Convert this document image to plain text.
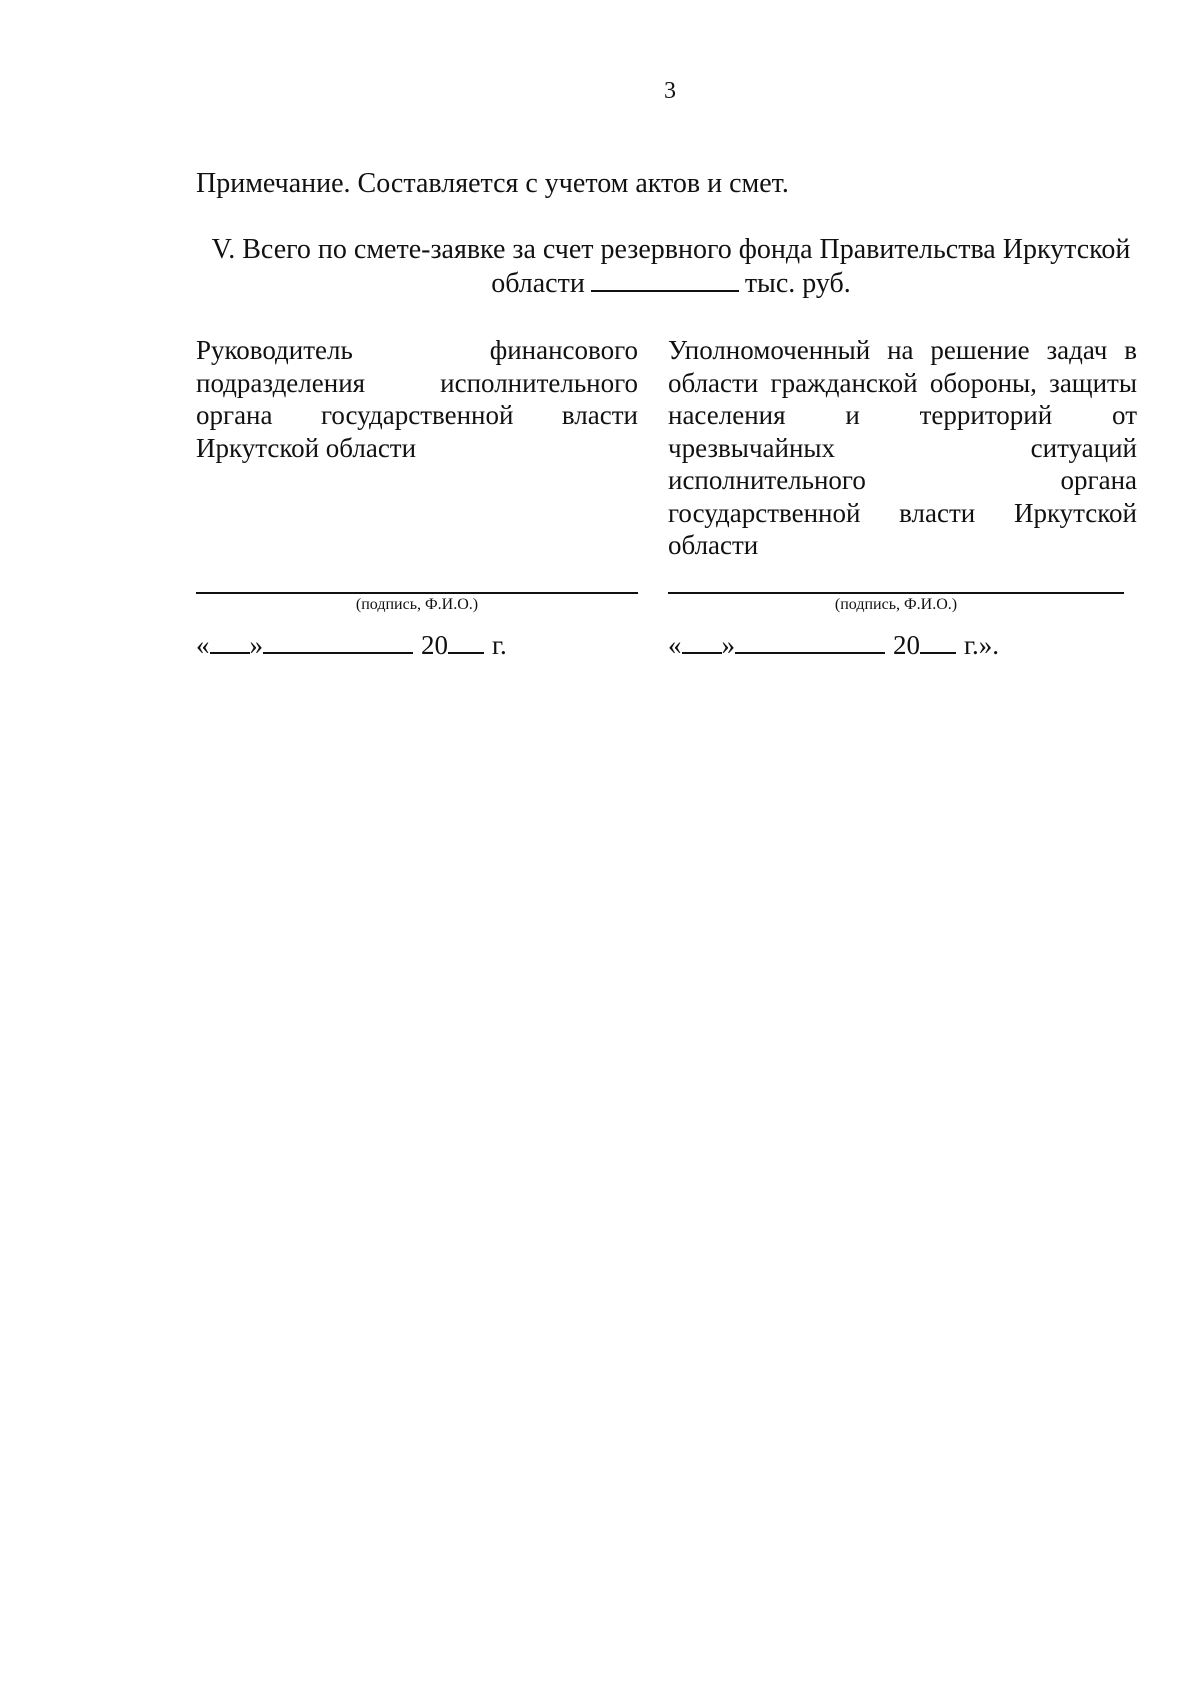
3
Примечание. Составляется с учетом актов и смет.
V. Всего по смете-заявке за счет резервного фонда Правительства Иркутской
области	тыс. руб.

Руководитель финансового подразделения исполнительного органа государственной власти Иркутской области

(подпись, Ф.И.О.)
« »	20 г.

Уполномоченный на решение задач в области гражданской обороны, защиты населения и территорий от чрезвычайных ситуаций исполнительного органа государственной власти Иркутской области

(подпись, Ф.И.О.)
« »	20 г.».
